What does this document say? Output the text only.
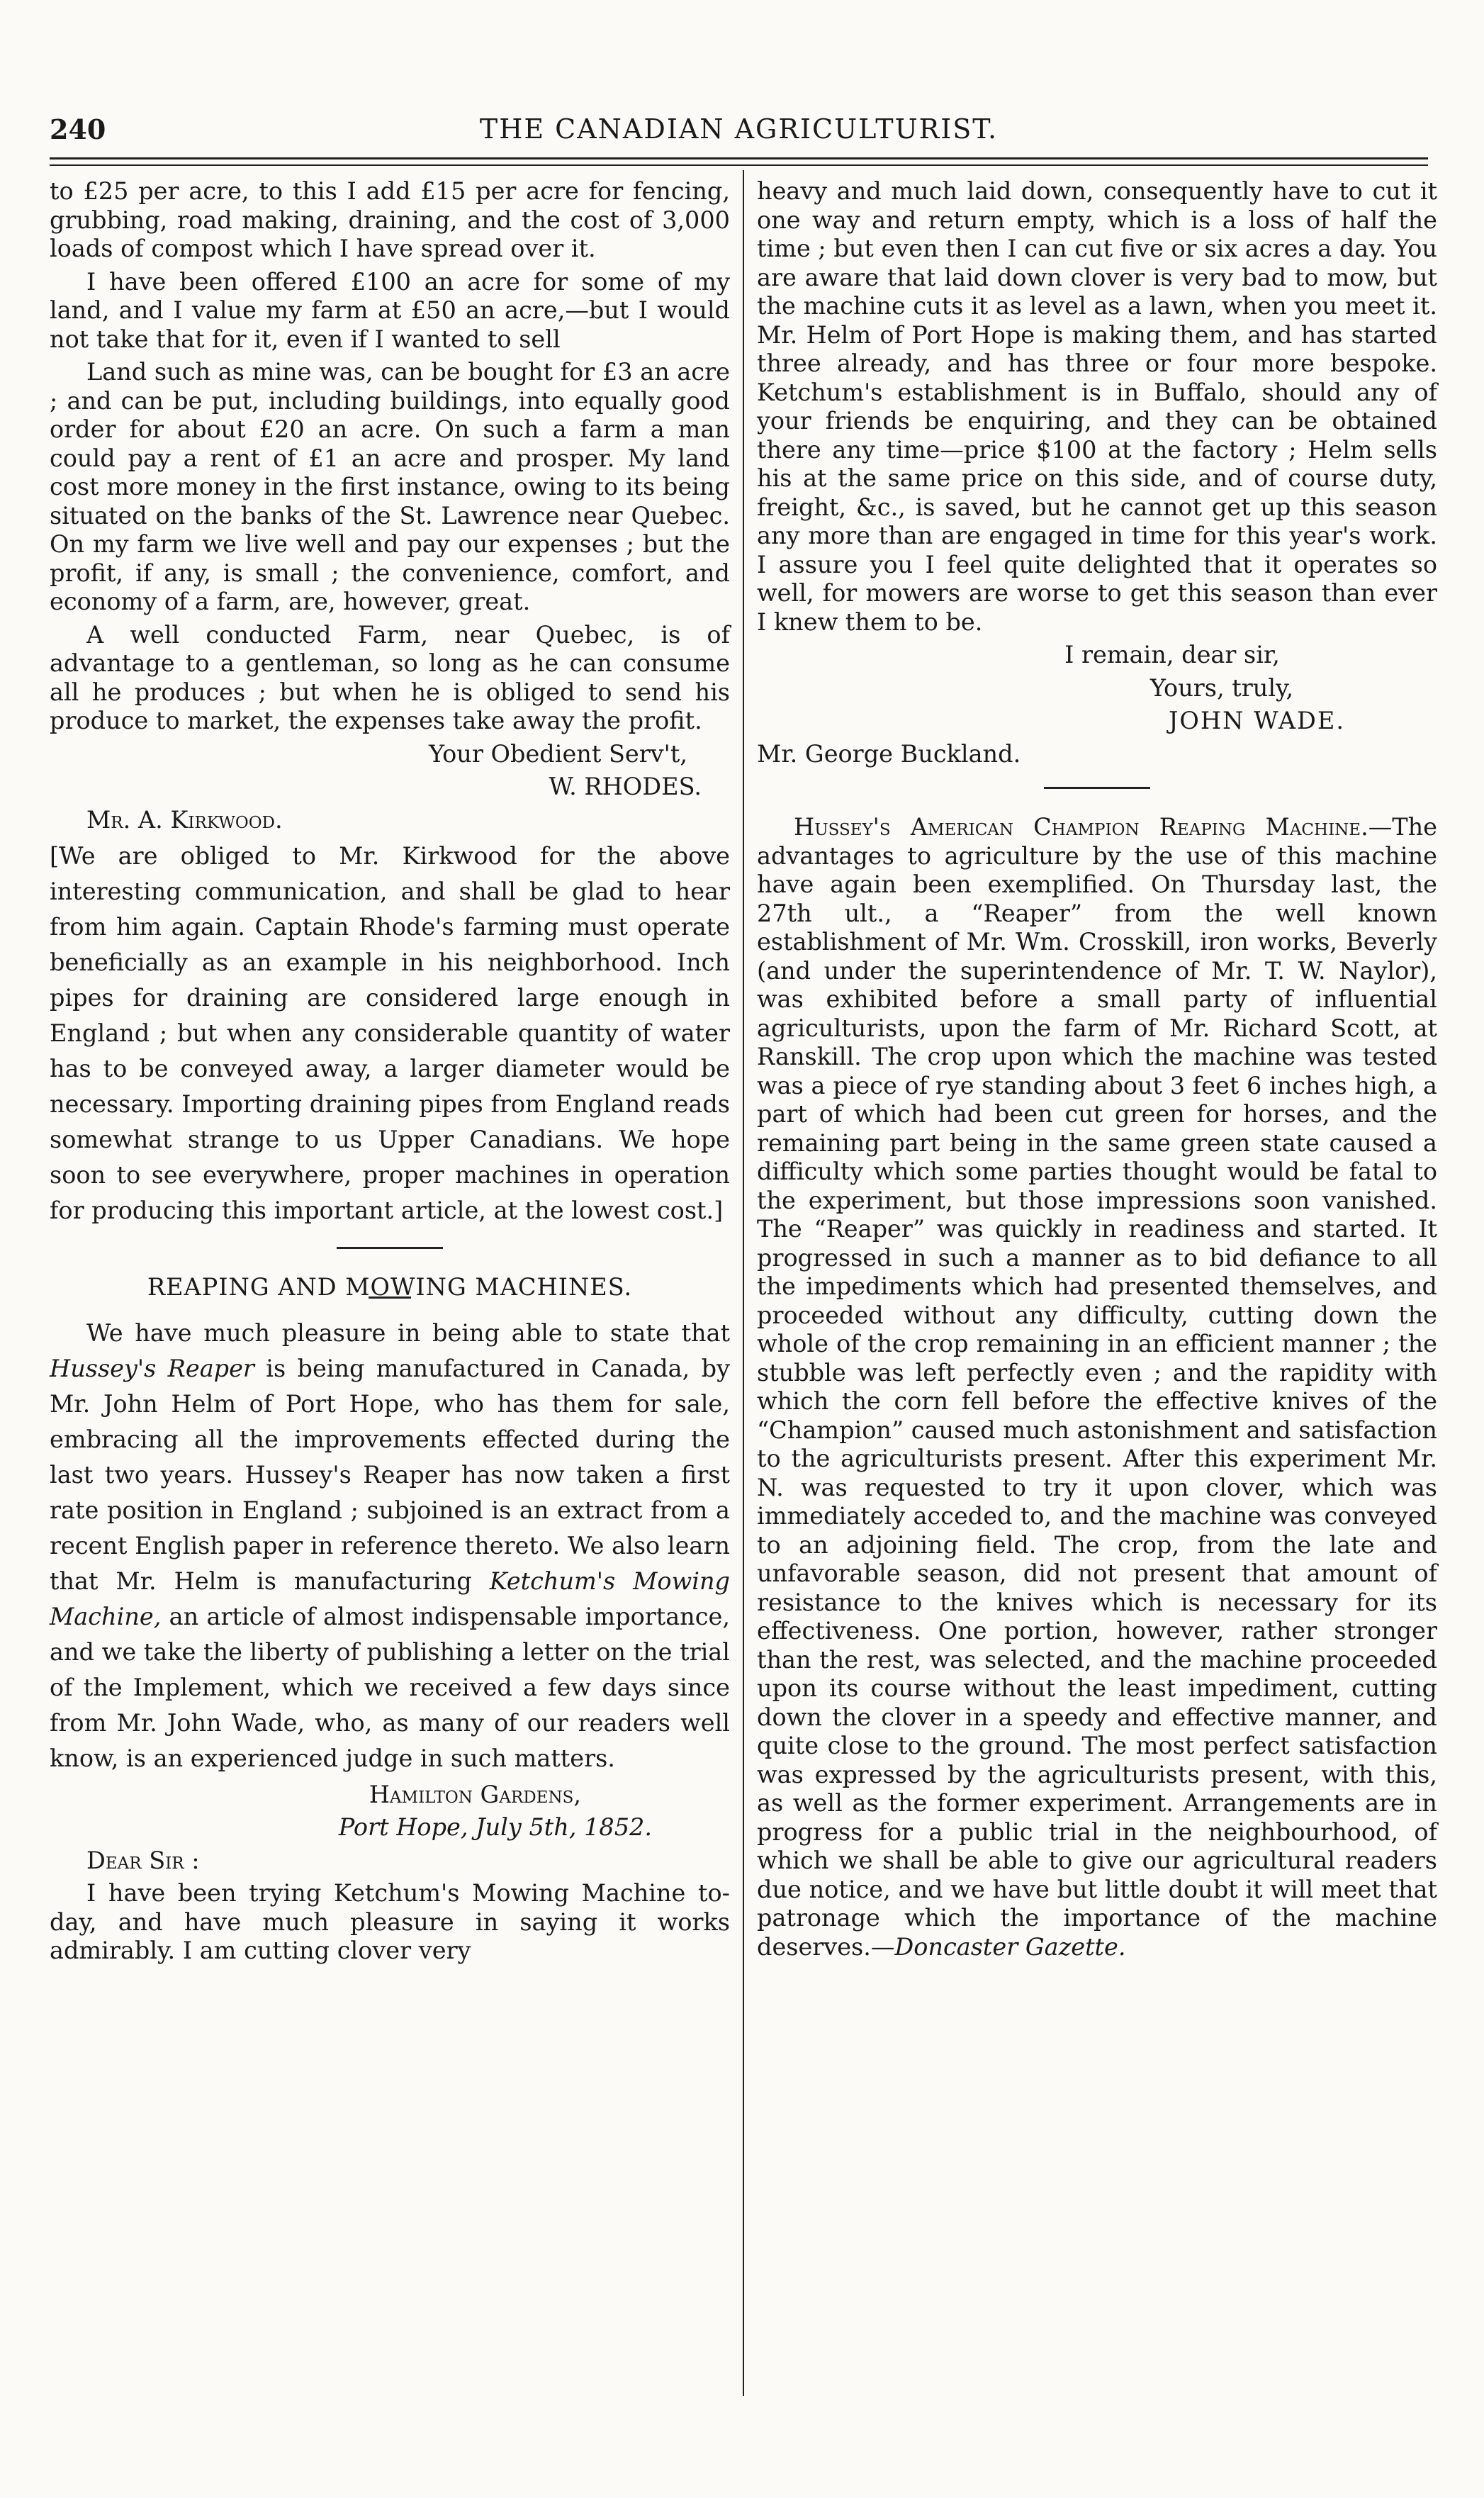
240	THE CANADIAN AGRICULTURIST.

to £25 per acre, to this I add £15 per acre for fencing, grubbing, road making, draining, and the cost of 3,000 loads of compost which I have spread over it.

I have been offered £100 an acre for some of my land, and I value my farm at £50 an acre,—but I would not take that for it, even if I wanted to sell

Land such as mine was, can be bought for £3 an acre ; and can be put, including buildings, into equally good order for about £20 an acre. On such a farm a man could pay a rent of £1 an acre and prosper. My land cost more money in the first instance, owing to its being situated on the banks of the St. Lawrence near Quebec. On my farm we live well and pay our expenses ; but the profit, if any, is small ; the convenience, comfort, and economy of a farm, are, however, great.

A well conducted Farm, near Quebec, is of advantage to a gentleman, so long as he can consume all he produces ; but when he is obliged to send his produce to market, the expenses take away the profit.

Your Obedient Serv't,

W. RHODES.

Mr. A. Kirkwood.

[We are obliged to Mr. Kirkwood for the above interesting communication, and shall be glad to hear from him again. Captain Rhode's farming must operate beneficially as an example in his neighborhood. Inch pipes for draining are considered large enough in England ; but when any considerable quantity of water has to be conveyed away, a larger diameter would be necessary. Importing draining pipes from England reads somewhat strange to us Upper Canadians. We hope soon to see everywhere, proper machines in operation for producing this important article, at the lowest cost.]

REAPING AND MOWING MACHINES.

We have much pleasure in being able to state that Hussey's Reaper is being manufactured in Canada, by Mr. John Helm of Port Hope, who has them for sale, embracing all the improvements effected during the last two years. Hussey's Reaper has now taken a first rate position in England ; subjoined is an extract from a recent English paper in reference thereto. We also learn that Mr. Helm is manufacturing Ketchum's Mowing Machine, an article of almost indispensable importance, and we take the liberty of publishing a letter on the trial of the Implement, which we received a few days since from Mr. John Wade, who, as many of our readers well know, is an experienced judge in such matters.

Hamilton Gardens,

Port Hope, July 5th, 1852.

Dear Sir :

I have been trying Ketchum's Mowing Machine to-day, and have much pleasure in saying it works admirably. I am cutting clover very

heavy and much laid down, consequently have to cut it one way and return empty, which is a loss of half the time ; but even then I can cut five or six acres a day. You are aware that laid down clover is very bad to mow, but the machine cuts it as level as a lawn, when you meet it. Mr. Helm of Port Hope is making them, and has started three already, and has three or four more bespoke. Ketchum's establishment is in Buffalo, should any of your friends be enquiring, and they can be obtained there any time—price $100 at the factory ; Helm sells his at the same price on this side, and of course duty, freight, &c., is saved, but he cannot get up this season any more than are engaged in time for this year's work. I assure you I feel quite delighted that it operates so well, for mowers are worse to get this season than ever I knew them to be.

I remain, dear sir,

Yours, truly,

JOHN WADE.

Mr. George Buckland.

Hussey's American Champion Reaping Machine.—The advantages to agriculture by the use of this machine have again been exemplified. On Thursday last, the 27th ult., a “Reaper” from the well known establishment of Mr. Wm. Crosskill, iron works, Beverly (and under the superintendence of Mr. T. W. Naylor), was exhibited before a small party of influential agriculturists, upon the farm of Mr. Richard Scott, at Ranskill. The crop upon which the machine was tested was a piece of rye standing about 3 feet 6 inches high, a part of which had been cut green for horses, and the remaining part being in the same green state caused a difficulty which some parties thought would be fatal to the experiment, but those impressions soon vanished. The “Reaper” was quickly in readiness and started. It progressed in such a manner as to bid defiance to all the impediments which had presented themselves, and proceeded without any difficulty, cutting down the whole of the crop remaining in an efficient manner ; the stubble was left perfectly even ; and the rapidity with which the corn fell before the effective knives of the “Champion” caused much astonishment and satisfaction to the agriculturists present. After this experiment Mr. N. was requested to try it upon clover, which was immediately acceded to, and the machine was conveyed to an adjoining field. The crop, from the late and unfavorable season, did not present that amount of resistance to the knives which is necessary for its effectiveness. One portion, however, rather stronger than the rest, was selected, and the machine proceeded upon its course without the least impediment, cutting down the clover in a speedy and effective manner, and quite close to the ground. The most perfect satisfaction was expressed by the agriculturists present, with this, as well as the former experiment. Arrangements are in progress for a public trial in the neighbourhood, of which we shall be able to give our agricultural readers due notice, and we have but little doubt it will meet that patronage which the importance of the machine deserves.—Doncaster Gazette.
